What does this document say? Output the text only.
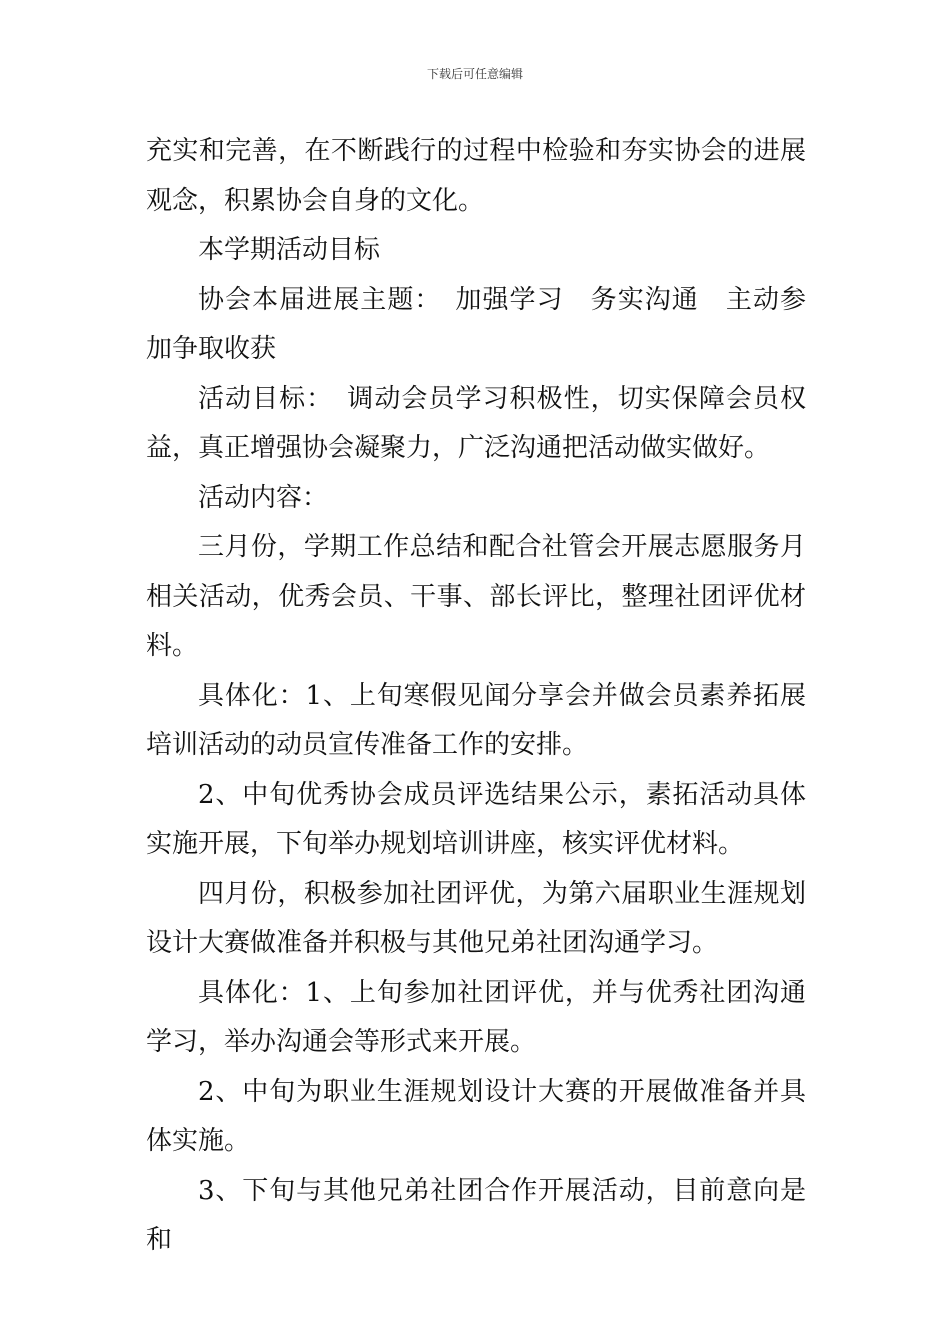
下载后可任意编辑

充实和完善，在不断践行的过程中检验和夯实协会的进展观念，积累协会自身的文化。

本学期活动目标

协会本届进展主题：　加强学习　务实沟通　主动参加争取收获

活动目标：　调动会员学习积极性，切实保障会员权益，真正增强协会凝聚力，广泛沟通把活动做实做好。

活动内容：

三月份，学期工作总结和配合社管会开展志愿服务月相关活动，优秀会员、干事、部长评比，整理社团评优材料。

具体化：1、上旬寒假见闻分享会并做会员素养拓展培训活动的动员宣传准备工作的安排。

2、中旬优秀协会成员评选结果公示，素拓活动具体实施开展，下旬举办规划培训讲座，核实评优材料。

四月份，积极参加社团评优，为第六届职业生涯规划设计大赛做准备并积极与其他兄弟社团沟通学习。

具体化：1、上旬参加社团评优，并与优秀社团沟通学习，举办沟通会等形式来开展。

2、中旬为职业生涯规划设计大赛的开展做准备并具体实施。

3、下旬与其他兄弟社团合作开展活动，目前意向是和
